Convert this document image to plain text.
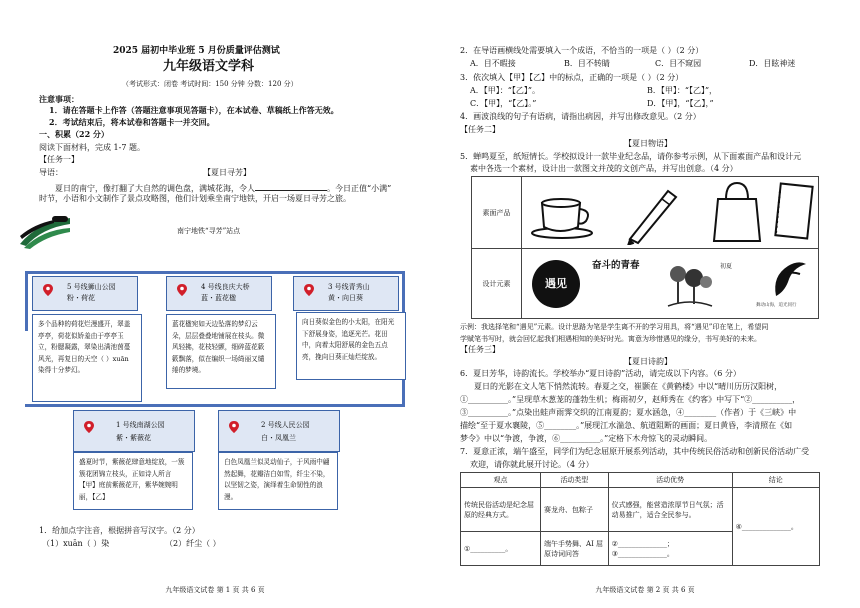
2025 届初中毕业班 5 月份质量评估测试
九年级语文学科
（考试形式：闭卷 考试时间：150 分钟 分数：120 分）
注意事项：
1．请在答题卡上作答（答题注意事项见答题卡），在本试卷、草稿纸上作答无效。
2．考试结束后，将本试卷和答题卡一并交回。
一、积累（22 分）
阅读下面材料，完成 1-7 题。
【任务一】
导语：	【夏日寻芳】
夏日的南宁，像打翻了大自然的调色盘，满城花海，令人	。今日正值“小满”
时节，小语和小文制作了景点攻略图，他们计划乘坐南宁地铁，开启一场夏日寻芳之旅。
南宁地铁“寻芳”站点
5 号线狮山公园
粉・荷花

多个品种的荷花烂漫盛开，翠盖亭亭，荷花似娇羞由于亭亭玉立，粉腮凝露，翠染出满池茵蔓风光，再复日的天空（ ）xuān 染得十分梦幻。

4 号线良庆大桥
蓝・蓝花楹

蓝花楹宛如天边坠落的梦幻云朵，层层叠叠地铺展在枝头。微风轻拂，花枝轻颤，细碎蓝花簌簌飘落，似在编织一场绮丽又缱绻的梦境。

3 号线青秀山
黄・向日葵

向日葵似金色的小太阳，在阳光下舒展身姿，追逐光芒。花田中，向着太阳舒展的金色五点亮，挽向日葵正灿烂绽放。

1 号线南湖公园
紫・紫薇花

盛夏时节，紫薇花肆意地绽放，一簇簇花团锦立枝头，正如诗人所言【甲】庭前紫薇花开，紫华婉婉明丽，【乙】

2 号线人民公园
白・凤凰兰

白色凤凰兰似灵动仙子，于风雨中翩然起舞，花瓣洁白如雪，纤尘不染，以坚韧之姿，演绎着生命韧性的浪漫。

1．给加点字注音，根据拼音写汉字。（2 分）
（1）xuān（ ）染	（2）纤尘（ ）
九年级语文试卷 第 1 页 共 6 页
2．在导语画横线处需要填入一个成语，不恰当的一项是（ ）（2 分）
A．目不暇接	B．目不转睛	C．目不窥园	D．目眩神迷
3．依次填入【甲】【乙】中的标点，正确的一项是（ ）（2 分）
A．【甲】：“【乙】”。	B．【甲】：“【乙】”，
C．【甲】，“【乙】。”	D．【甲】，“【乙】，”
4．画波浪线的句子有语病，请指出病因，并写出修改意见。（2 分）
【任务二】
【夏日物语】
5．蝉鸣夏至，纸短情长。学校拟设计一款毕业纪念品，请你参考示例，从下面素面产品和设计元
素中各选一个素材，设计出一款图文并茂的文创产品，并写出创意。（4 分）
素面产品	
设计元素	遇见
奋斗的青春 初夏
舞动山海，追光同行
示例：我选择笔和“遇见”元素。设计思路为笔是学生离不开的学习用具，将“遇见”印在笔上，希望同
学赋笔书写时，就会回忆起我们相遇相知的美好时光。寓意为珍惜遇见的缘分，书写美好的未来。
【任务三】
【夏日诗韵】
6．夏日芳华，诗韵流长。学校举办“夏日诗韵”活动，请完成以下内容。（6 分）
夏日的光影在文人笔下悄然流转。春夏之交，崔颢在《黄鹤楼》中以“晴川历历汉阳树，
①__________。”呈现草木葱茏的蓬勃生机；梅雨初夕，赵师秀在《约客》中写下“②__________，
③__________。”点染出蛙声雨霁交织的江南夏韵；夏水涵急，④________（作者）于《三峡》中
描绘“至于夏水襄陵，⑤________。”展现江水湍急、航道阻断的画面；夏日黄昏，李清照在《如
梦令》中以“争渡，争渡，⑥__________。”定格下木舟惊飞的灵动瞬间。
7．夏意正浓，端午盛至，同学们为纪念屈原开展系列活动，其中传统民俗活动和创新民俗活动广受
欢迎，请你就此展开讨论。（4 分）
观点	活动类型	活动优势	结论
传统民俗活动是纪念屈原的经典方式。	赛龙舟、包粽子	仪式感强，能营造浓厚节日气氛；活动易推广，适合全民参与。	④______________。
①__________。	端午手势舞、AI 屈原诗词问答	②______________；③______________。	
九年级语文试卷 第 2 页 共 6 页
